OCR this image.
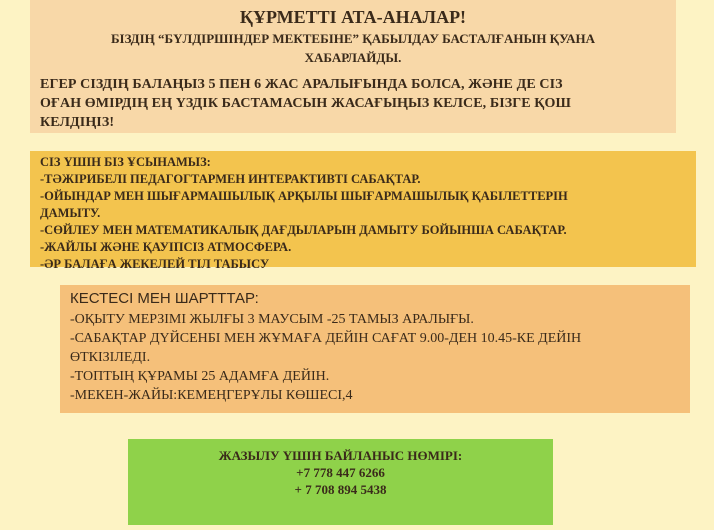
ҚҰРМЕТТІ АТА-АНАЛАР!
БІЗДІҢ “БҮЛДІРШІНДЕР МЕКТЕБІНЕ” ҚАБЫЛДАУ БАСТАЛҒАНЫН ҚУАНА
ХАБАРЛАЙДЫ.
ЕГЕР СІЗДІҢ БАЛАҢЫЗ 5 ПЕН 6 ЖАС АРАЛЫҒЫНДА БОЛСА, ЖӘНЕ ДЕ СІЗ
ОҒАН ӨМІРДІҢ ЕҢ ҮЗДІК БАСТАМАСЫН ЖАСАҒЫҢЫЗ КЕЛСЕ, БІЗГЕ ҚОШ
КЕЛДІҢІЗ!
СІЗ ҮШІН БІЗ ҰСЫНАМЫЗ:
-ТӘЖІРИБЕЛІ ПЕДАГОГТАРМЕН ИНТЕРАКТИВТІ САБАҚТАР.
-ОЙЫНДАР МЕН ШЫҒАРМАШЫЛЫҚ АРҚЫЛЫ ШЫҒАРМАШЫЛЫҚ ҚАБІЛЕТТЕРІН
ДАМЫТУ.
-СӨЙЛЕУ МЕН МАТЕМАТИКАЛЫҚ ДАҒДЫЛАРЫН ДАМЫТУ БОЙЫНША САБАҚТАР.
-ЖАЙЛЫ ЖӘНЕ ҚАУІПСІЗ АТМОСФЕРА.
-ӘР БАЛАҒА ЖЕКЕЛЕЙ ТІЛ ТАБЫСУ
КЕСТЕСІ МЕН ШАРТТТАР:
-ОҚЫТУ МЕРЗІМІ ЖЫЛҒЫ 3 МАУСЫМ -25 ТАМЫЗ АРАЛЫҒЫ.
-САБАҚТАР ДҮЙСЕНБІ МЕН ЖҰМАҒА ДЕЙІН САҒАТ 9.00-ДЕН 10.45-КЕ ДЕЙІН
ӨТКІЗІЛЕДІ.
-ТОПТЫҢ ҚҰРАМЫ 25 АДАМҒА ДЕЙІН.
-МЕКЕН-ЖАЙЫ:КЕМЕҢГЕРҰЛЫ КӨШЕСІ,4
ЖАЗЫЛУ ҮШІН БАЙЛАНЫС НӨМІРІ:
+7 778 447 6266
+ 7 708 894 5438
